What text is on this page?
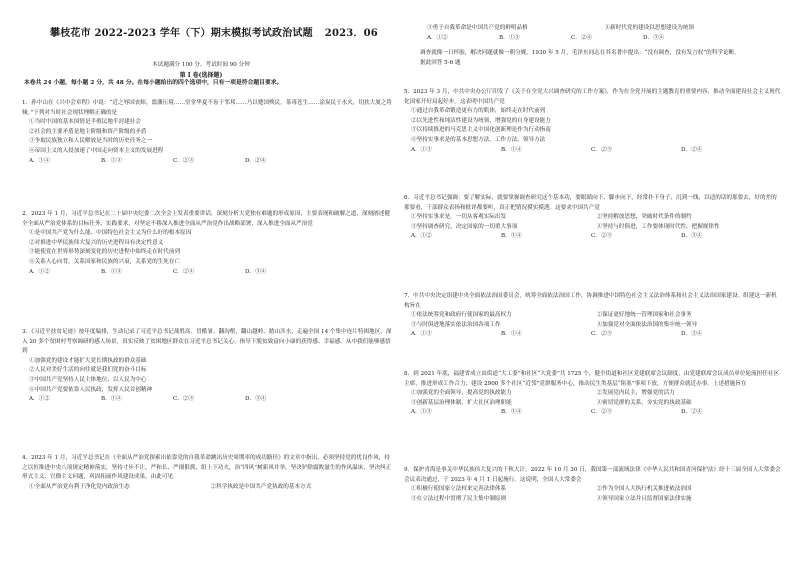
攀枝花市 2022-2023 学年（下）期末模拟考试政治试题 2023．06
本试题满分 100 分，考试时间 90 分钟
第 I 卷(选择题)
本卷共 24 小题，每小题 2 分，共 48 分。在每小题给出的四个选项中，只有一项是符合题目要求。

1．孙中山在《兴中会章程》中说：“近之辱国丧师，翦藩压境……堂堂华夏不齿于邻邦……乃以蹙国殃民，茶毒苍生……涂炭民于水火，切扶大厦之将倾。”下列对当时社会现状理解正确的是

①当时中国的基本国情是半殖民地半封建社会

②社会的主要矛盾是地主阶级和资产阶级的矛盾

③争取民族独立和人民解放是当时的历史任务之一

④帝国主义的入侵加速了中国走向资本主义的发展进程

A．①④	B．①③	C．②③	D．②④

2．2023 年 1 月，习近平总书记在二十届中央纪委二次全会上发表重要讲话，深刻分析大党独有难题的形成原因，主要表现和破解之道，深刻阐述健全全面从严治党体系的目标任务、实践要求，对坚定不移深入推进全面从严治党作出战略部署，深入推进全面从严治党

①是中国共产党为什么能、中国特色社会主义为什么好的根本原因

②对推进中华民族伟大复兴的历史进程具有决定性意义

③能使党在世界形势深刻变化的历史进程中始终走在时代前列

④关系人心向背，关系国家和民族的兴衰，关系党的生死存亡

A．①②	B．①③	C．②④	D．③④

3．《习近平扶贫足迹》按年度编排，生动记录了习近平总书记战胜高、冒酷暑、翻沟壑，翻山越岭、踏山涉水，走遍全国 14 个集中连片特困地区，深入 20 多个贫困村考察调研的感人场景，真实反映了贫困地区群众在习近平总书记关心、指导下脱贫致富向小康的获得感、幸福感。从中我们能够感悟到

①加强党的建设才能扩大党长期执政的群众基础

②人民对美好生活的向往就是我们党的奋斗目标

③中国共产党坚持人民主体地位，以人民为中心

④中国共产党要依靠人民执政，发挥人民首创精神

A．①②	B．①④	C．②③	D．③④

4．2023 年 1 月，习近平总书记在《全面从严治党探索出依靠党的自我革命跳出历史周期率的成功路径》的文章中指出，必须坚持党的优良作风，持之以恒推进中央八项规定精神落实，坚持寸步不让，严和长、严细狠抓，组上下功夫，治“四风”树新风并举，坚决铲除腐败滋生的作风温床，坚决纠正形式主义、官僚主义问题，巩固拓展作风建设成果。由此可见

①全面从严治党有利于净化党内政治生态	②科学执政是中国共产党执政的基本方式
③勇于自我革命是中国共产党的鲜明品格	④新时代党的建设以思想建设为统领
A．①②	B．①③	C．②④	D．③④

调查就像一日怀胎，解决问题就像一朝分娩。1930 年 5 月，毛泽东同志在其名著中提出：“没有调查，没有发言权”的科学论断。

据此回答 5-6 题

5．2023 年 3 月，中共中央办公厅印发了《关于在全党大兴调查研究的工作方案》，作为在全党开展的主题教育的重要内容，推动全面建设社会主义现代化国家开好局起好步。这表明中国共产党

①通过自我革命锻造更有力的肌体，始终走在时代前列

②以先进性和纯洁性建设为统领，增强党的自身建设能力

③以持续推进的马克思主义中国化创新理论作为行动指南

④坚持实事求是的基本思想方法、工作方法、领导方法

A．①③	B．①④	C．②③	D．②④

6．习近平总书记强调：要了解实际，就要掌握调查研究这个基本功，要眼睛向下、脚步向下，经常扑下身子、沉到一线，以适的话的那要去，好的差的那要看，干部群众表扬和批评都要听，真正把情况摸实摸透。这要求中国共产党

①坚持实事求是，一切从客观实际出发	②坚持解放思想，突破时代条件的制约
③坚持调查研究，决定国家的一切重大事项	④坚持与时俱进，工作要体现时代性，把握规律性
A．①②	B．①④	C．②③	D．③④

7．中共中央决定组建中央全面依法治国委员会，统筹全面依法治国工作，协调推进中国特色社会主义法治体系和社会主义法治国家建设。组建这一新机构旨在

①依法统筹党和政府行使国家的最高权力	②保证更好地统一管理国家和社会事务
③与时俱进地落实依法治国各项工作	④加强党对全面依法治国的集中统一领导
A．①③	B．①④	C．②③	D．③④

8．到 2021 年底，福建省成立由街道“大工委”和社区“大党委”共 1725 个，健全街道和社区党建联席会议制度，由党建联席会议成员单位轮流担任社区主席，推进形成工作合力；建设 2900 多个社区“近邻”党群服务中心，推动民生类基层“阻塞”事项下放，方便群众就近办事。上述措施旨在

①加强党的全面领导，提高党的执政能力	②发展党内民主，增强党的活力
③创新基层治理体制，扩大社区治理职能	④密切党群的关系，夯实党的执政基础
A．①③	B．①④	C．②③	D．②④

9．保护青海是事关中华民族伟大复兴的千秋大计。2022 年 10 月 30 日，我国第一部流域法律《中华人民共和国青河保护法》经十三届全国人大常委会会议表决通过，于 2023 年 4 月 1 日起施行。这说明，全国人大常委会

①积极行使国家立法权来完善法律体系	②作为全国人大执行机关推进依法治国
③在立法过程中贯彻了民主集中制原则	④领导国家立法并且监督国家法律实施
